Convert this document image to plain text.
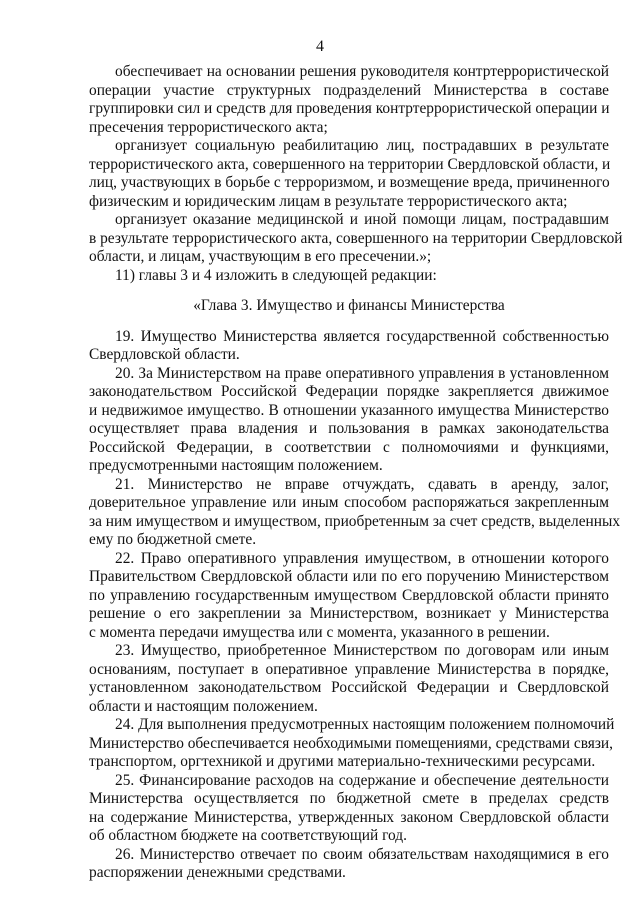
4
обеспечивает на основании решения руководителя контртеррористической
операции участие структурных подразделений Министерства в составе
группировки сил и средств для проведения контртеррористической операции и
пресечения террористического акта;
организует социальную реабилитацию лиц, пострадавших в результате
террористического акта, совершенного на территории Свердловской области, и
лиц, участвующих в борьбе с терроризмом, и возмещение вреда, причиненного
физическим и юридическим лицам в результате террористического акта;
организует оказание медицинской и иной помощи лицам, пострадавшим
в результате террористического акта, совершенного на территории Свердловской
области, и лицам, участвующим в его пресечении.»;
11) главы 3 и 4 изложить в следующей редакции:
«Глава 3. Имущество и финансы Министерства
19. Имущество Министерства является государственной собственностью
Свердловской области.
20. За Министерством на праве оперативного управления в установленном
законодательством Российской Федерации порядке закрепляется движимое
и недвижимое имущество. В отношении указанного имущества Министерство
осуществляет права владения и пользования в рамках законодательства
Российской Федерации, в соответствии с полномочиями и функциями,
предусмотренными настоящим положением.
21. Министерство не вправе отчуждать, сдавать в аренду, залог,
доверительное управление или иным способом распоряжаться закрепленным
за ним имуществом и имуществом, приобретенным за счет средств, выделенных
ему по бюджетной смете.
22. Право оперативного управления имуществом, в отношении которого
Правительством Свердловской области или по его поручению Министерством
по управлению государственным имуществом Свердловской области принято
решение о его закреплении за Министерством, возникает у Министерства
с момента передачи имущества или с момента, указанного в решении.
23. Имущество, приобретенное Министерством по договорам или иным
основаниям, поступает в оперативное управление Министерства в порядке,
установленном законодательством Российской Федерации и Свердловской
области и настоящим положением.
24. Для выполнения предусмотренных настоящим положением полномочий
Министерство обеспечивается необходимыми помещениями, средствами связи,
транспортом, оргтехникой и другими материально-техническими ресурсами.
25. Финансирование расходов на содержание и обеспечение деятельности
Министерства осуществляется по бюджетной смете в пределах средств
на содержание Министерства, утвержденных законом Свердловской области
об областном бюджете на соответствующий год.
26. Министерство отвечает по своим обязательствам находящимися в его
распоряжении денежными средствами.
